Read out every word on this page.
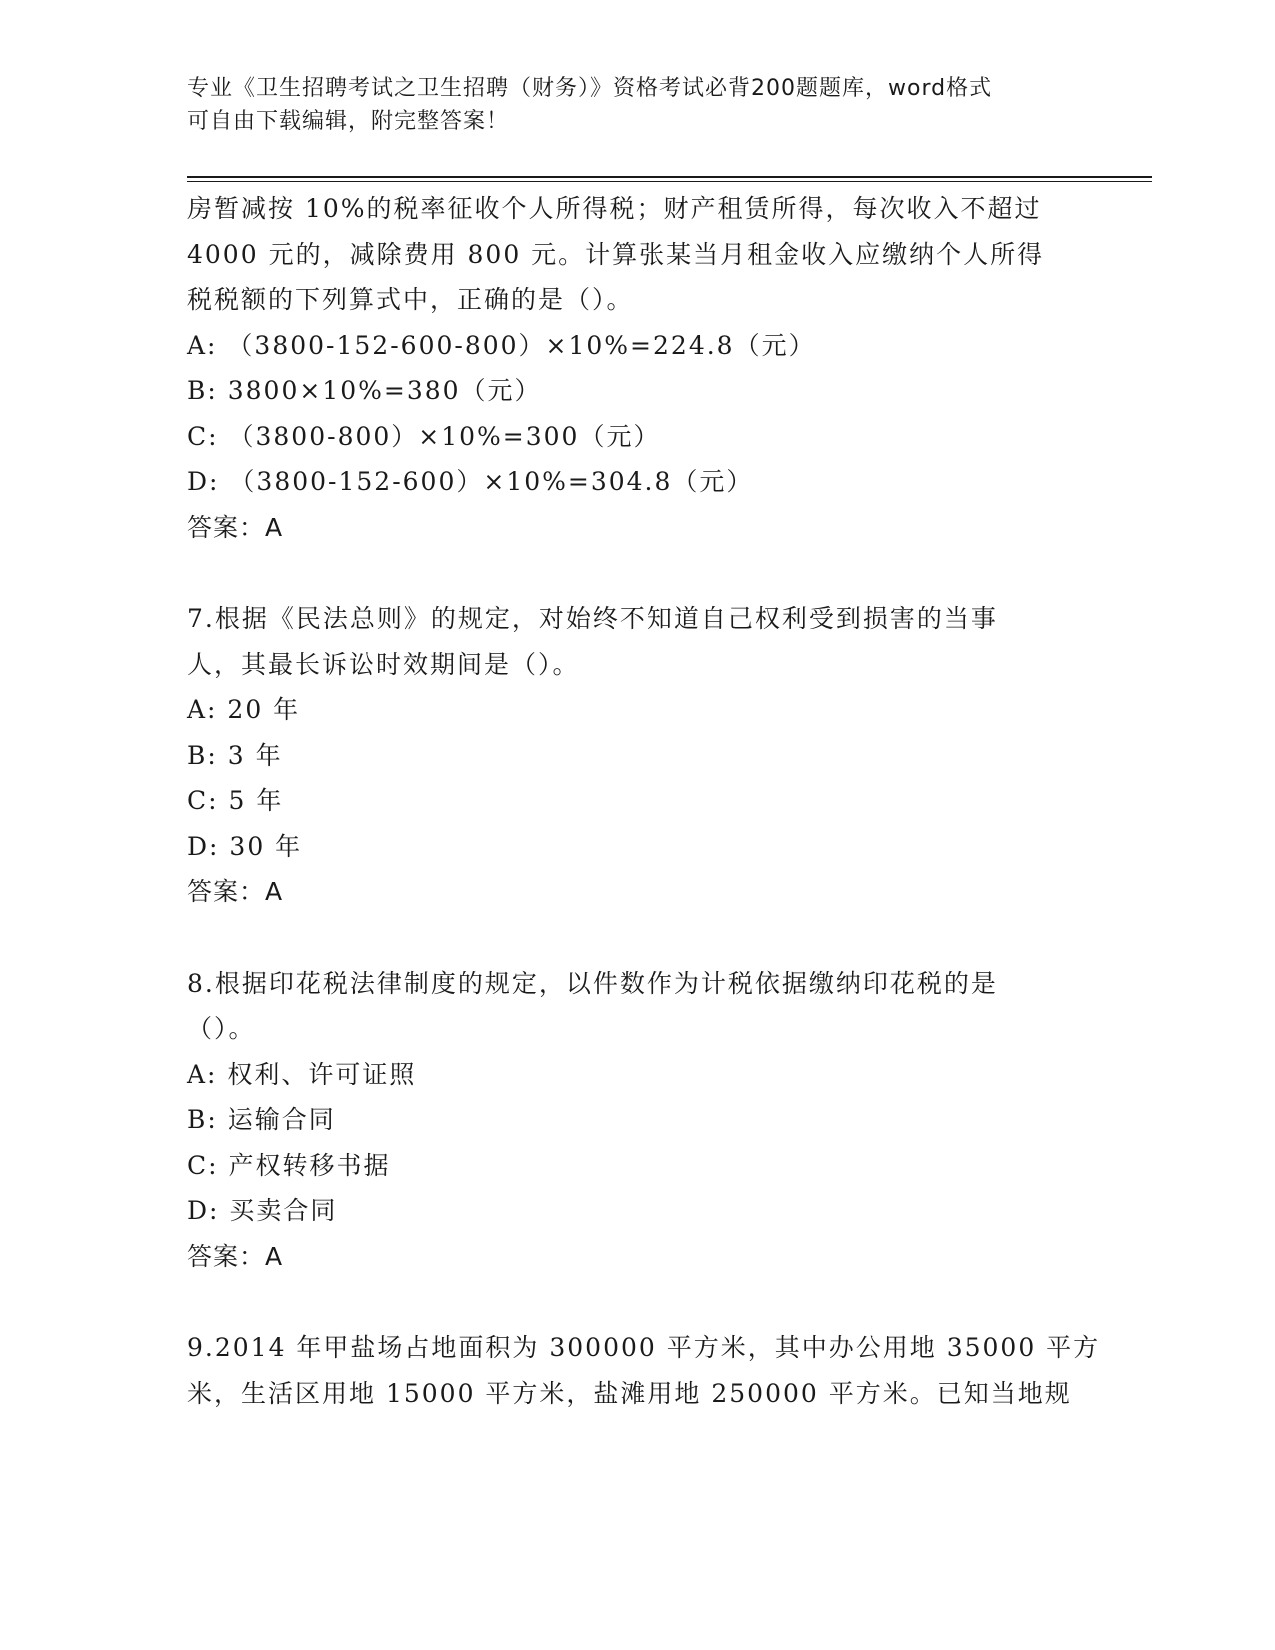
专业《卫生招聘考试之卫生招聘（财务）》资格考试必背200题题库，word格式
可自由下载编辑，附完整答案！
房暂减按 10%的税率征收个人所得税；财产租赁所得，每次收入不超过
4000 元的，减除费用 800 元。计算张某当月租金收入应缴纳个人所得
税税额的下列算式中，正确的是（）。
A: （3800-152-600-800）×10%=224.8（元）
B: 3800×10%=380（元）
C: （3800-800）×10%=300（元）
D: （3800-152-600）×10%=304.8（元）
答案：A
7.根据《民法总则》的规定，对始终不知道自己权利受到损害的当事
人，其最长诉讼时效期间是（）。
A: 20 年
B: 3 年
C: 5 年
D: 30 年
答案：A
8.根据印花税法律制度的规定，以件数作为计税依据缴纳印花税的是
（）。
A: 权利、许可证照
B: 运输合同
C: 产权转移书据
D: 买卖合同
答案：A
9.2014 年甲盐场占地面积为 300000 平方米，其中办公用地 35000 平方
米，生活区用地 15000 平方米，盐滩用地 250000 平方米。已知当地规
